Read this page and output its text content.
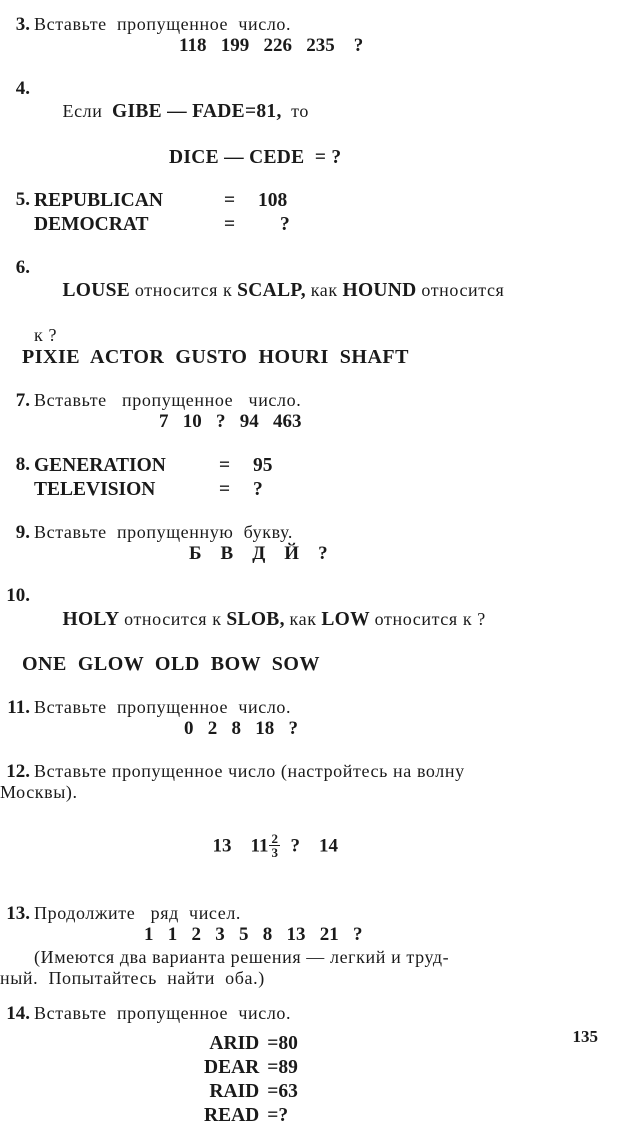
3. Вставьте  пропущенное  число.
118   199   226   235    ?
4.

Если GIBE — FADE=81, то

DICE — CEDE  = ?
5. REPUBLICAN	=	108
DEMOCRAT	=	?
6.

LOUSE относится к SCALP, как HOUND относится

к ?
PIXIE  ACTOR  GUSTO  HOURI  SHAFT
7. Вставьте   пропущенное   число.
7   10   ?   94   463
8. GENERATION	=	95
TELEVISION	=	?
9. Вставьте  пропущенную  букву.
Б    В    Д    Й    ?
10.

HOLY относится к SLOB, как LOW относится к ?

ONE  GLOW  OLD  BOW  SOW
11. Вставьте  пропущенное  число.
0   2   8   18   ?
12. Вставьте пропущенное число (настройтесь на волну
Москвы).

13    $11 \frac{2}{3}$ ?    14

13. Продолжите   ряд  чисел.
1   1   2   3   5   8   13   21   ?
(Имеются два варианта решения — легкий и труд-
ный.  Попытайтесь  найти  оба.)
14. Вставьте  пропущенное  число.
ARID	=80
DEAR	=89
RAID	=63
READ	=?
135
